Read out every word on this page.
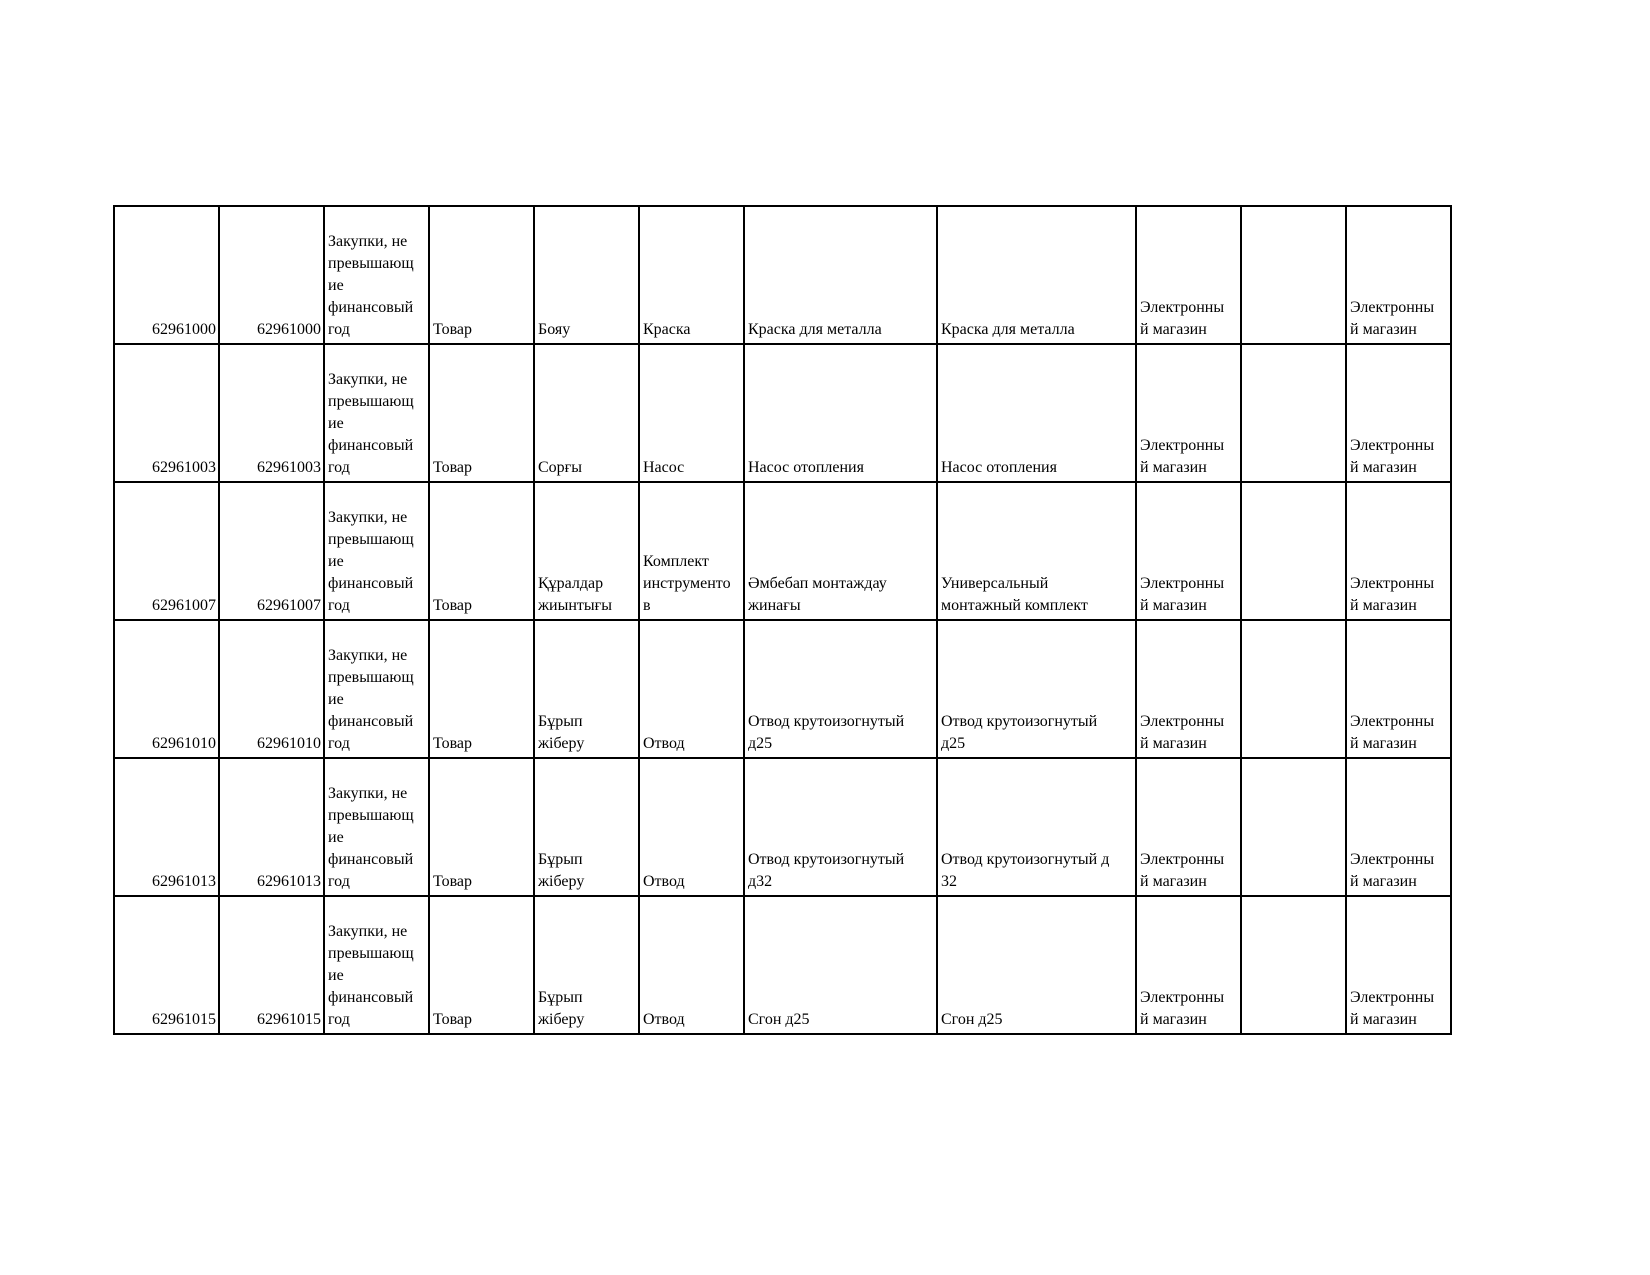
62961000	62961000	Закупки, не
превышающ
ие
финансовый
год	Товар	Бояу	Краска	Краска для металла	Краска для металла	Электронны
й магазин		Электронны
й магазин

62961003	62961003	Закупки, не
превышающ
ие
финансовый
год	Товар	Сорғы	Насос	Насос отопления	Насос отопления	Электронны
й магазин		Электронны
й магазин

62961007	62961007	Закупки, не
превышающ
ие
финансовый
год	Товар	Құралдар
жиынтығы	Комплект
инструменто
в	Әмбебап монтаждау
жинағы	Универсальный
монтажный комплект	Электронны
й магазин		Электронны
й магазин

62961010	62961010	Закупки, не
превышающ
ие
финансовый
год	Товар	Бұрып
жіберу	Отвод	Отвод крутоизогнутый
д25	Отвод крутоизогнутый
д25	Электронны
й магазин		Электронны
й магазин

62961013	62961013	Закупки, не
превышающ
ие
финансовый
год	Товар	Бұрып
жіберу	Отвод	Отвод крутоизогнутый
д32	Отвод крутоизогнутый д
32	Электронны
й магазин		Электронны
й магазин

62961015	62961015	Закупки, не
превышающ
ие
финансовый
год	Товар	Бұрып
жіберу	Отвод	Сгон д25	Сгон д25	Электронны
й магазин		Электронны
й магазин
